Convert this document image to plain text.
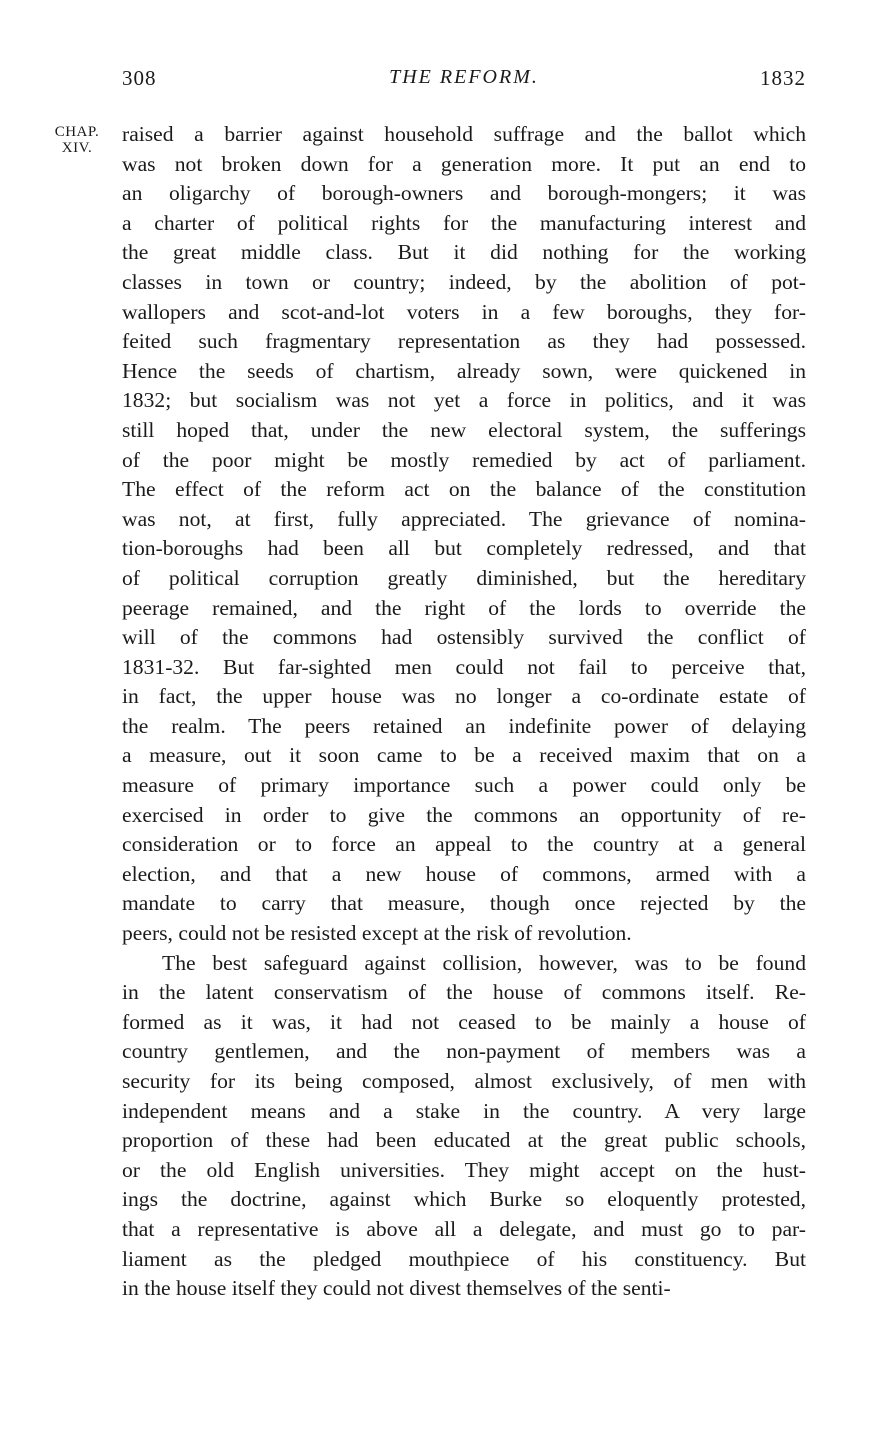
308	THE REFORM.	1832
CHAP.
XIV.
raised a barrier against household suffrage and the ballot which
was not broken down for a generation more. It put an end to
an oligarchy of borough-owners and borough-mongers; it was
a charter of political rights for the manufacturing interest and
the great middle class. But it did nothing for the working
classes in town or country; indeed, by the abolition of pot-
wallopers and scot-and-lot voters in a few boroughs, they for-
feited such fragmentary representation as they had possessed.
Hence the seeds of chartism, already sown, were quickened in
1832; but socialism was not yet a force in politics, and it was
still hoped that, under the new electoral system, the sufferings
of the poor might be mostly remedied by act of parliament.
The effect of the reform act on the balance of the constitution
was not, at first, fully appreciated. The grievance of nomina-
tion-boroughs had been all but completely redressed, and that
of political corruption greatly diminished, but the hereditary
peerage remained, and the right of the lords to override the
will of the commons had ostensibly survived the conflict of
1831-32. But far-sighted men could not fail to perceive that,
in fact, the upper house was no longer a co-ordinate estate of
the realm. The peers retained an indefinite power of delaying
a measure, out it soon came to be a received maxim that on a
measure of primary importance such a power could only be
exercised in order to give the commons an opportunity of re-
consideration or to force an appeal to the country at a general
election, and that a new house of commons, armed with a
mandate to carry that measure, though once rejected by the
peers, could not be resisted except at the risk of revolution.
The best safeguard against collision, however, was to be found
in the latent conservatism of the house of commons itself. Re-
formed as it was, it had not ceased to be mainly a house of
country gentlemen, and the non-payment of members was a
security for its being composed, almost exclusively, of men with
independent means and a stake in the country. A very large
proportion of these had been educated at the great public schools,
or the old English universities. They might accept on the hust-
ings the doctrine, against which Burke so eloquently protested,
that a representative is above all a delegate, and must go to par-
liament as the pledged mouthpiece of his constituency. But
in the house itself they could not divest themselves of the senti-
